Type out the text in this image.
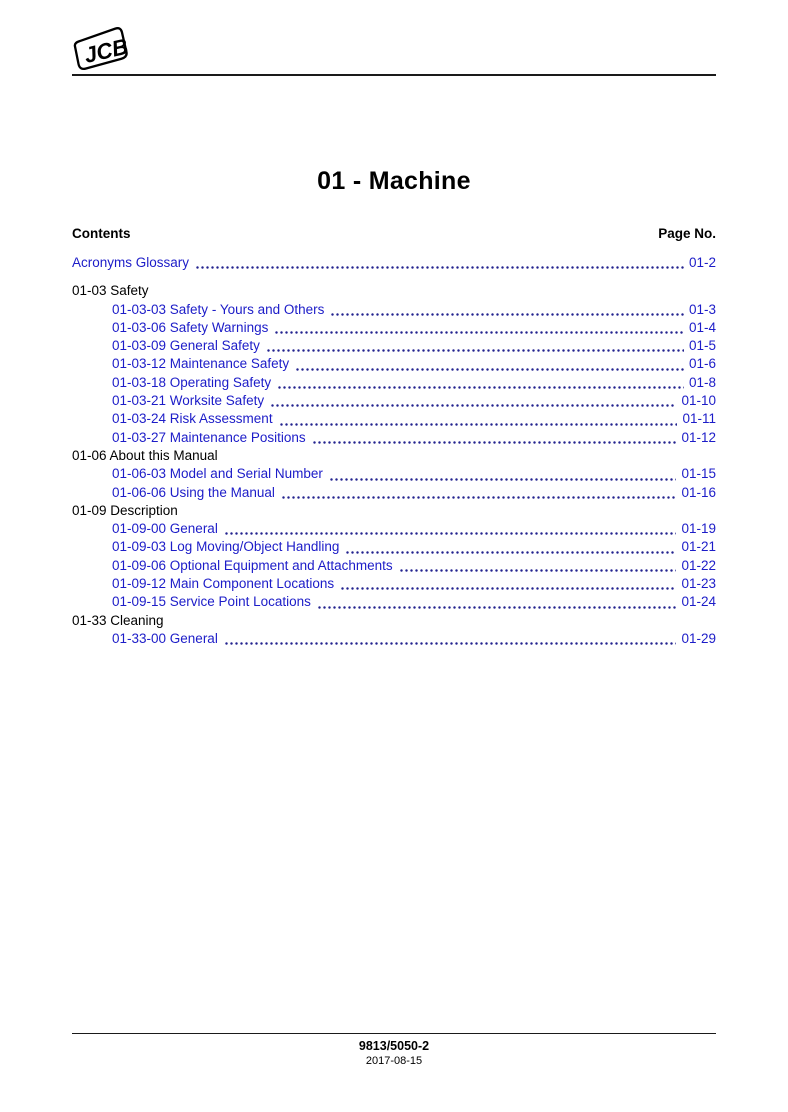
JCB
01 - Machine
Contents	Page No.
Acronyms Glossary	01-2
01-03 Safety
01-03-03 Safety - Yours and Others	01-3
01-03-06 Safety Warnings	01-4
01-03-09 General Safety	01-5
01-03-12 Maintenance Safety	01-6
01-03-18 Operating Safety	01-8
01-03-21 Worksite Safety	01-10
01-03-24 Risk Assessment	01-11
01-03-27 Maintenance Positions	01-12
01-06 About this Manual
01-06-03 Model and Serial Number	01-15
01-06-06 Using the Manual	01-16
01-09 Description
01-09-00 General	01-19
01-09-03 Log Moving/Object Handling	01-21
01-09-06 Optional Equipment and Attachments	01-22
01-09-12 Main Component Locations	01-23
01-09-15 Service Point Locations	01-24
01-33 Cleaning
01-33-00 General	01-29
9813/5050-2
2017-08-15
